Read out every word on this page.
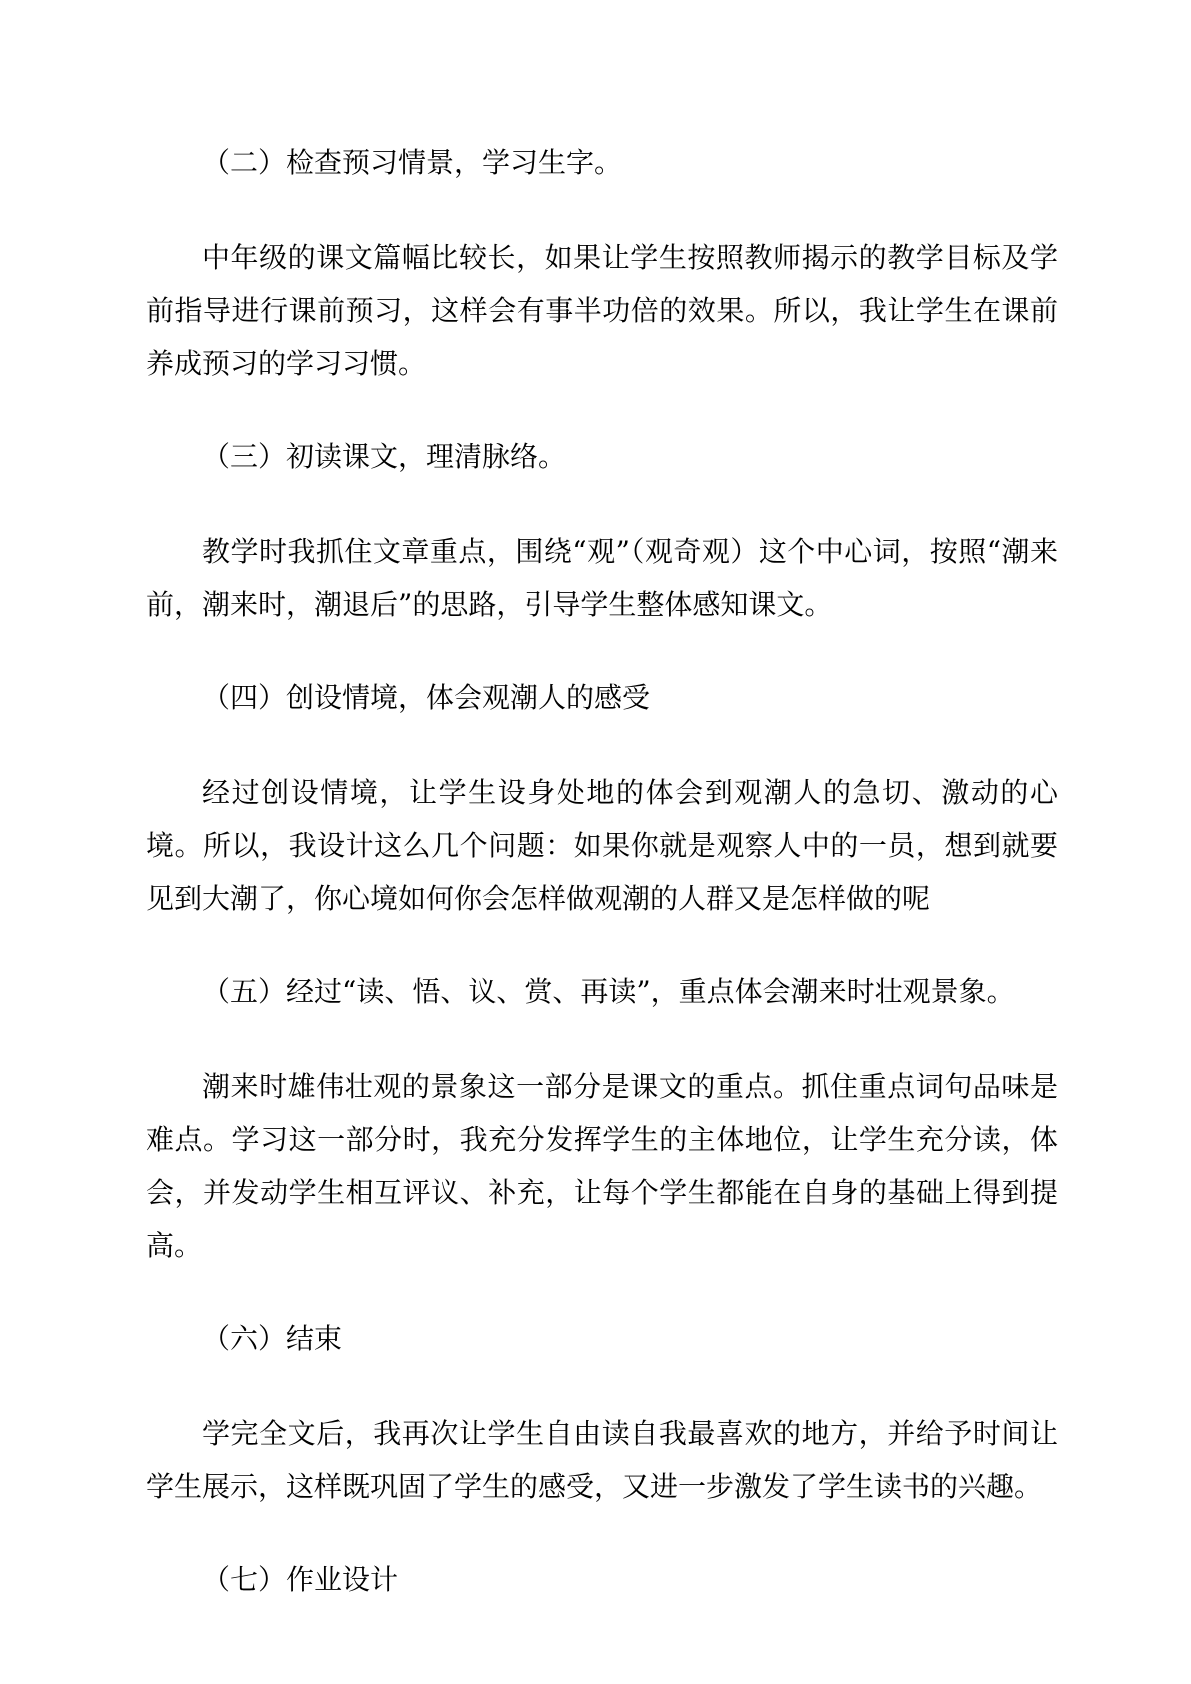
（二）检查预习情景，学习生字。

中年级的课文篇幅比较长，如果让学生按照教师揭示的教学目标及学前指导进行课前预习，这样会有事半功倍的效果。所以，我让学生在课前养成预习的学习习惯。

（三）初读课文，理清脉络。

教学时我抓住文章重点，围绕“观”（观奇观）这个中心词，按照“潮来前，潮来时，潮退后”的思路，引导学生整体感知课文。

（四）创设情境，体会观潮人的感受

经过创设情境，让学生设身处地的体会到观潮人的急切、激动的心境。所以，我设计这么几个问题：如果你就是观察人中的一员，想到就要见到大潮了，你心境如何你会怎样做观潮的人群又是怎样做的呢

（五）经过“读、悟、议、赏、再读”，重点体会潮来时壮观景象。

潮来时雄伟壮观的景象这一部分是课文的重点。抓住重点词句品味是难点。学习这一部分时，我充分发挥学生的主体地位，让学生充分读，体会，并发动学生相互评议、补充，让每个学生都能在自身的基础上得到提高。

（六）结束

学完全文后，我再次让学生自由读自我最喜欢的地方，并给予时间让学生展示，这样既巩固了学生的感受，又进一步激发了学生读书的兴趣。

（七）作业设计
